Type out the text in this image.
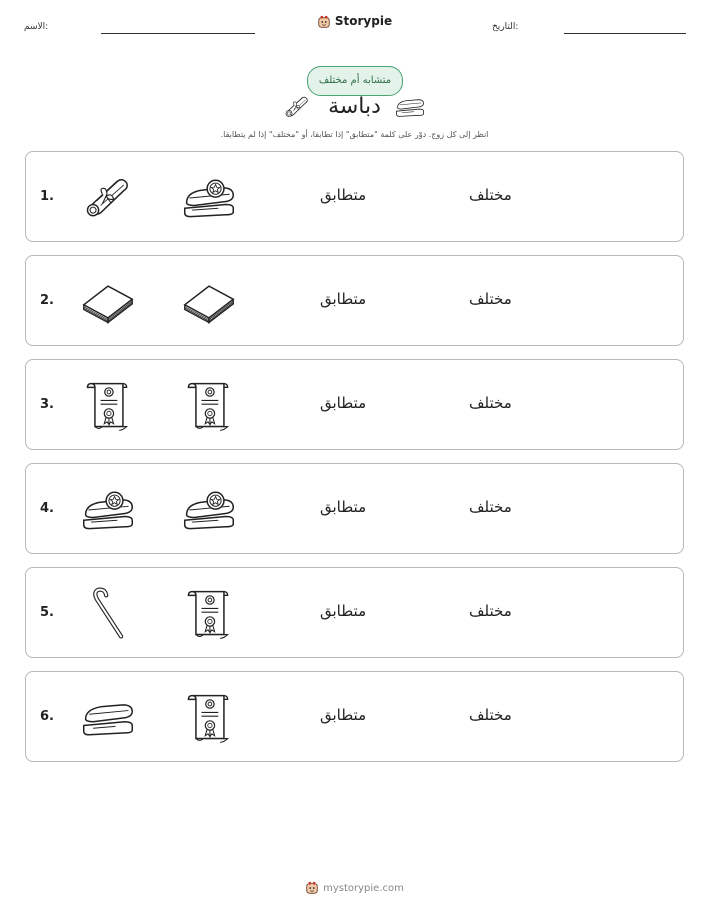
الاسم:	Storypie	التاريخ:
متشابه أم مختلف
دباسة
انظر إلى كل زوج. دوّر على كلمة "متطابق" إذا تطابقا، أو "مختلف" إذا لم يتطابقا.
1.	متطابق	مختلف
2.	متطابق	مختلف
3.	متطابق	مختلف
4.	متطابق	مختلف
5.	متطابق	مختلف
6.	متطابق	مختلف
mystorypie.com
